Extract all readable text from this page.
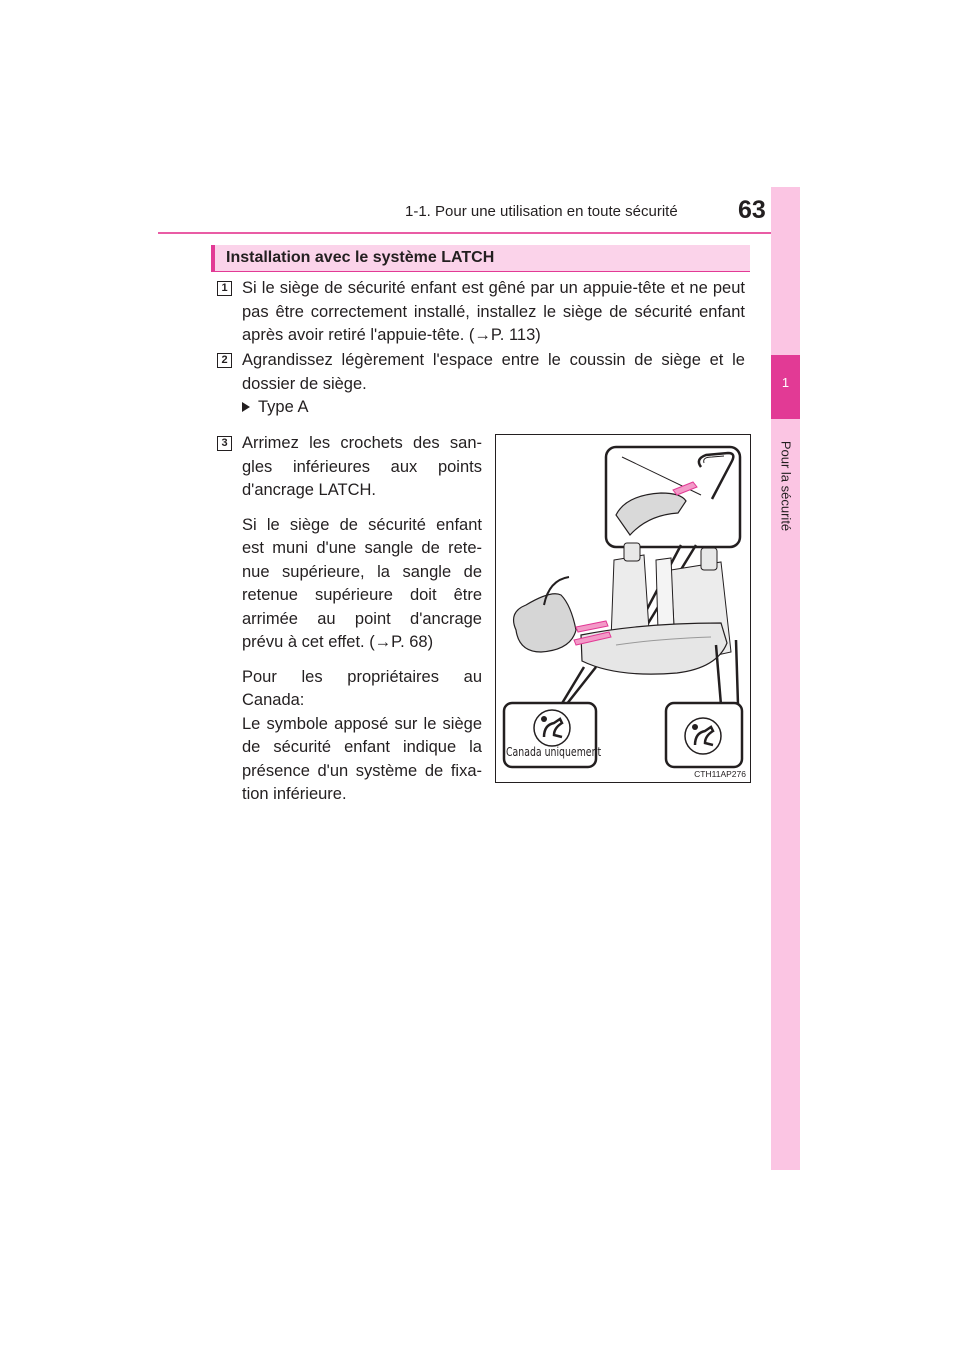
1-1. Pour une utilisation en toute sécurité 63
1
Pour la sécurité
Installation avec le système LATCH
1 Si le siège de sécurité enfant est gêné par un appuie-tête et ne peut pas être correctement installé, installez le siège de sécurité enfant après avoir retiré l'appuie-tête. (→P. 113)
2 Agrandissez légèrement l'espace entre le coussin de siège et le dossier de siège.
Type A
3 Arrimez les crochets des san-
gles inférieures aux points
d'ancrage LATCH.

Si le siège de sécurité enfant
est muni d'une sangle de rete-
nue supérieure, la sangle de
retenue supérieure doit être
arrimée au point d'ancrage
prévu à cet effet. (→P. 68)

Pour les propriétaires au
Canada:
Le symbole apposé sur le siège
de sécurité enfant indique la
présence d'un système de fixa-
tion inférieure.

Canada uniquement
CTH11AP276
